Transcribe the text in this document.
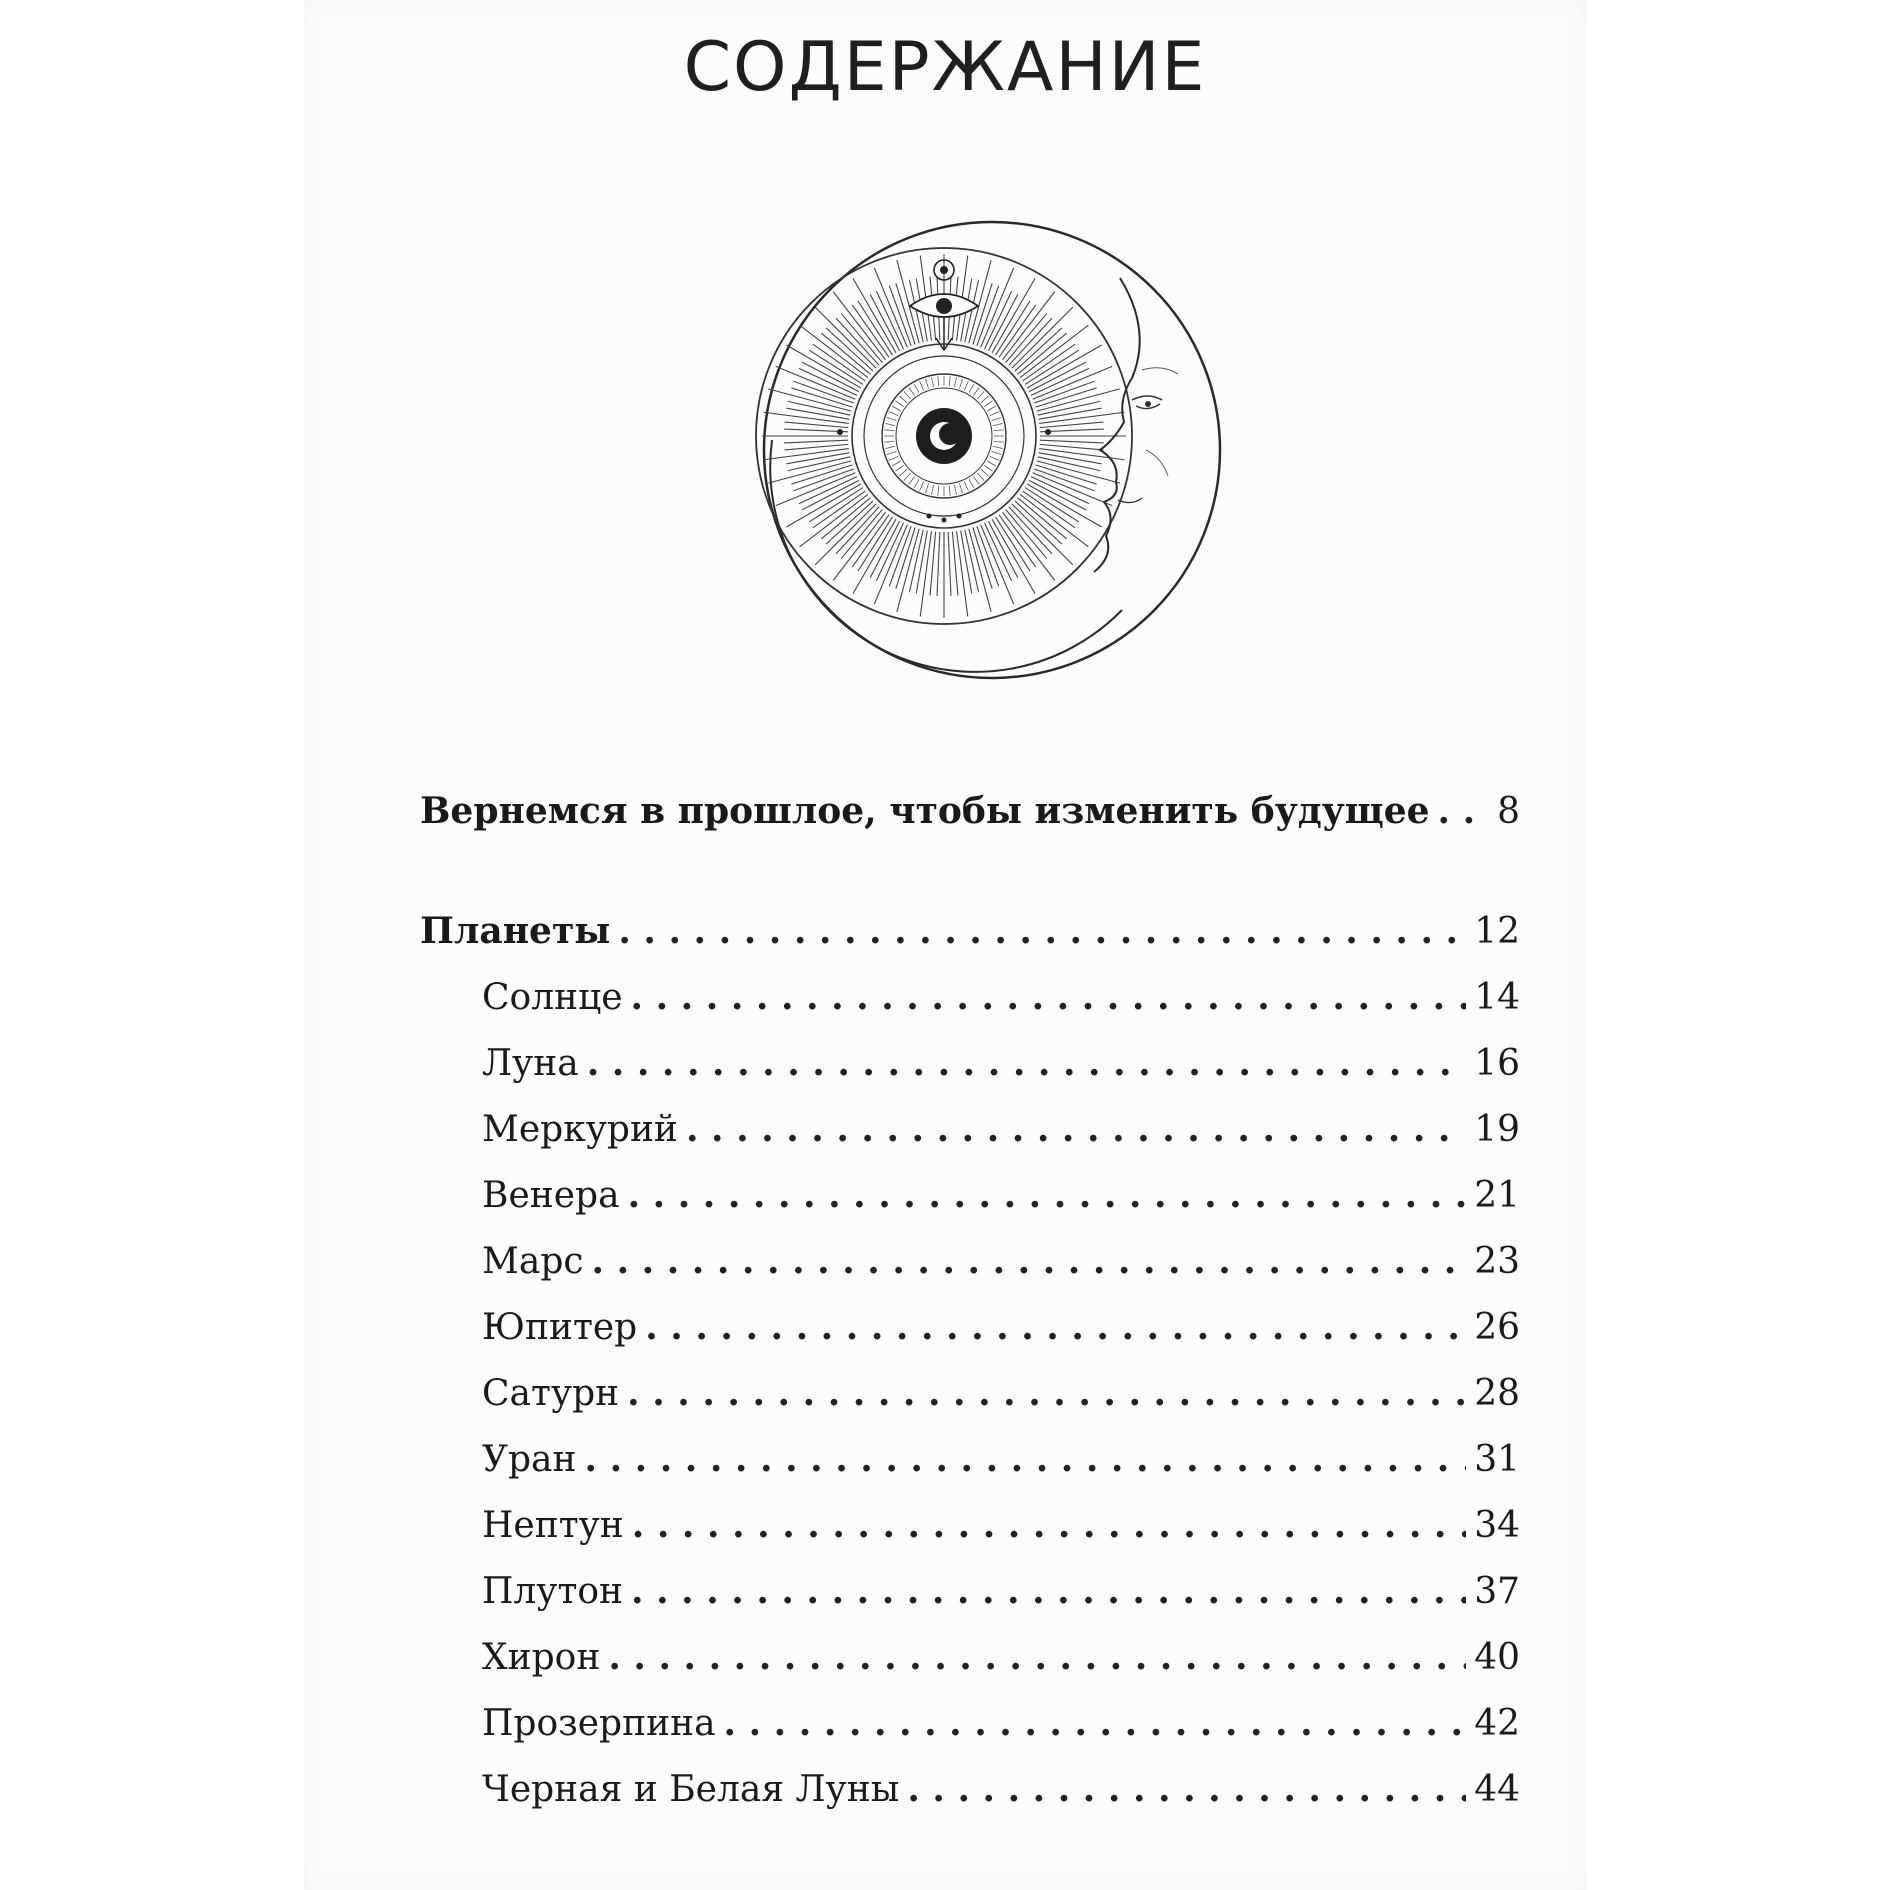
СОДЕРЖАНИЕ
Вернемся в прошлое, чтобы изменить будущее . . . 8
Планеты . . .	12
Солнце . . .	14
Луна . . .	16
Меркурий . . .	19
Венера . . .	21
Марс . . .	23
Юпитер . . .	26
Сатурн . . .	28
Уран . . .	31
Нептун . . .	34
Плутон . . .	37
Хирон . . .	40
Прозерпина . . .	42
Черная и Белая Луны . . .	44
